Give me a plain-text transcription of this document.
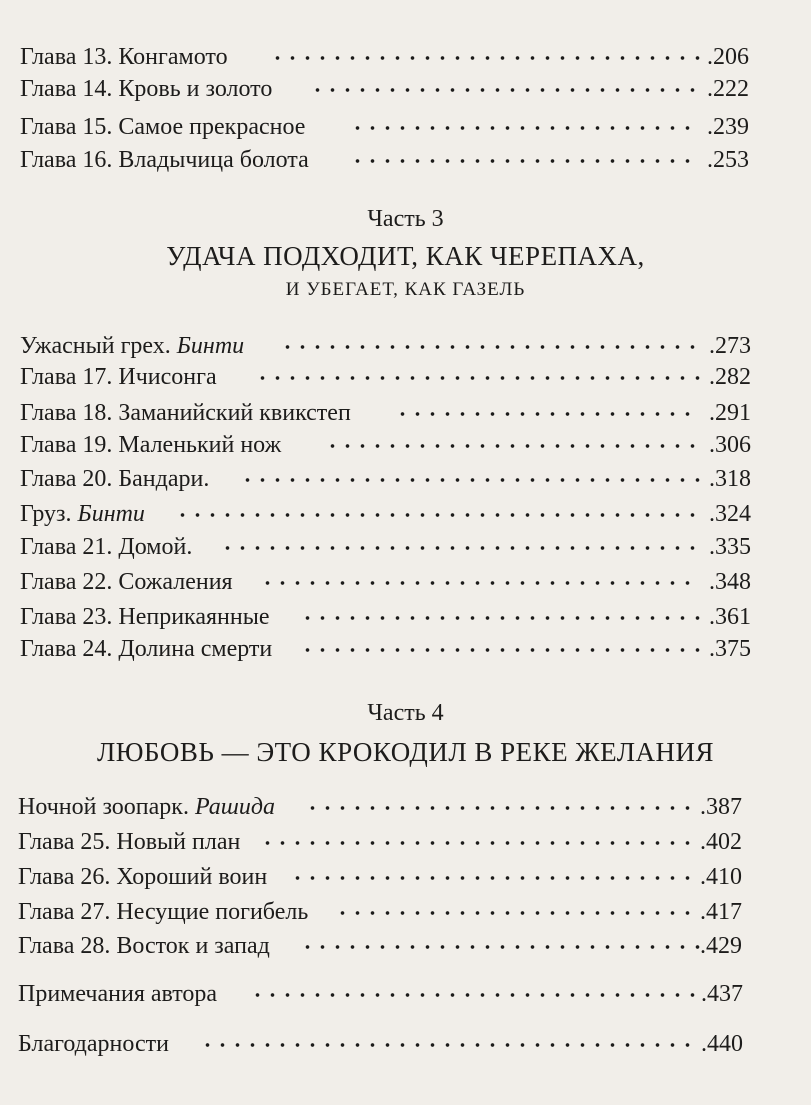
Глава 13. Конгамото	.206
Глава 14. Кровь и золото	.222
Глава 15. Самое прекрасное	.239
Глава 16. Владычица болота	.253
Часть 3
УДАЧА ПОДХОДИТ, КАК ЧЕРЕПАХА,
И УБЕГАЕТ, КАК ГАЗЕЛЬ
Ужасный грех. Бинти	.273
Глава 17. Ичисонга	.282
Глава 18. Заманийский квикстеп	.291
Глава 19. Маленький нож	.306
Глава 20. Бандари.	.318
Груз. Бинти	.324
Глава 21. Домой.	.335
Глава 22. Сожаления	.348
Глава 23. Неприкаянные	.361
Глава 24. Долина смерти	.375
Часть 4
ЛЮБОВЬ — ЭТО КРОКОДИЛ В РЕКЕ ЖЕЛАНИЯ
Ночной зоопарк. Рашида	.387
Глава 25. Новый план	.402
Глава 26. Хороший воин	.410
Глава 27. Несущие погибель	.417
Глава 28. Восток и запад	.429
Примечания автора	.437
Благодарности	.440
